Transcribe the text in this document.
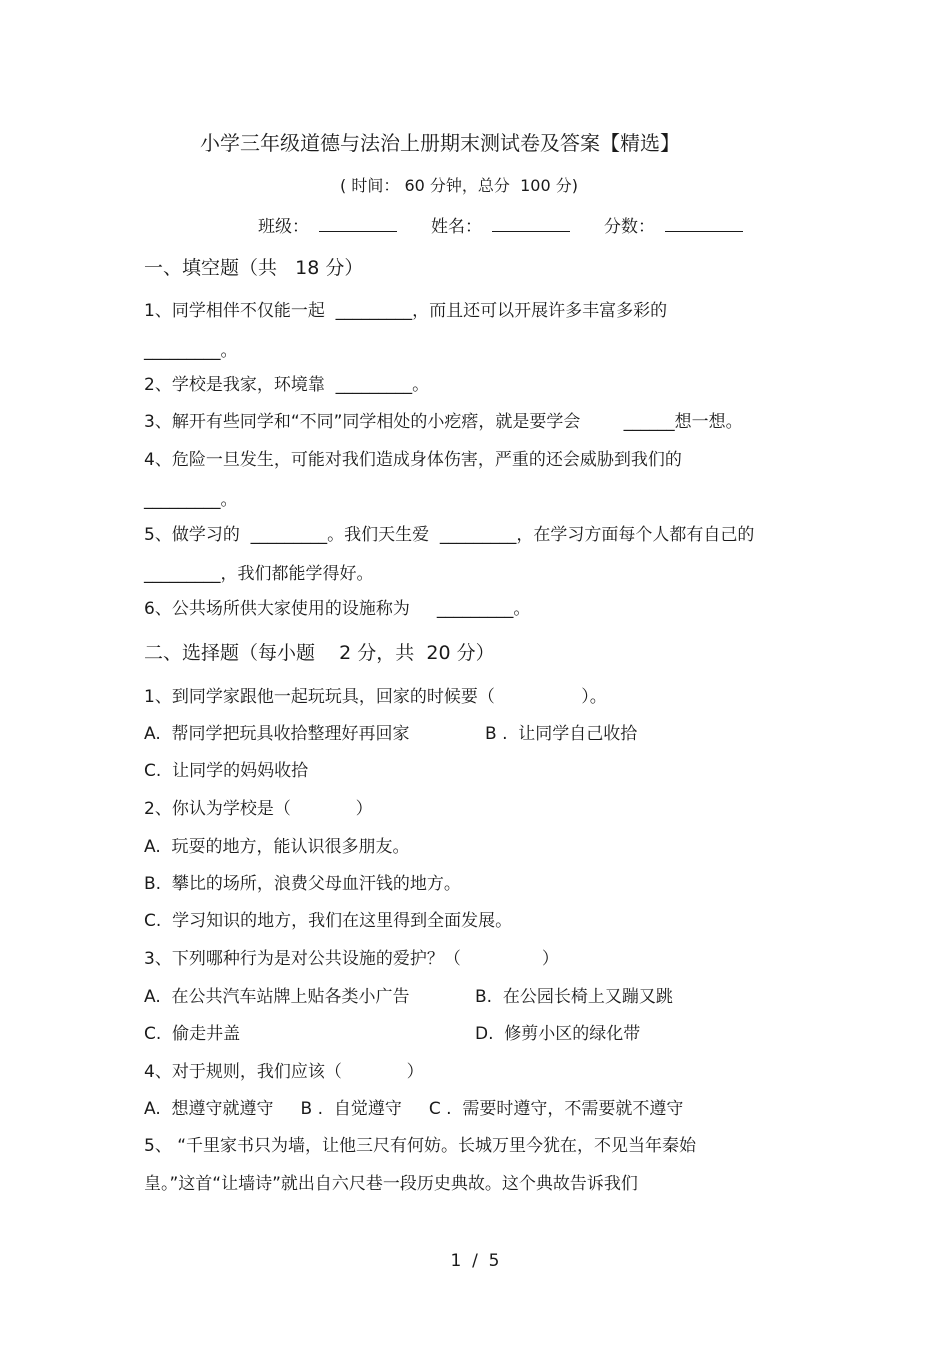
小学三年级道德与法治上册期末测试卷及答案【精选】
( 时间： 60 分钟，总分  100 分)
班级：	姓名：	分数：
一、填空题（共   18 分）
1、同学相伴不仅能一起  _________，而且还可以开展许多丰富多彩的
_________。
2、学校是我家，环境靠  _________。
3、解开有些同学和“不同”同学相处的小疙瘩，就是要学会        ______想一想。
4、危险一旦发生，可能对我们造成身体伤害，严重的还会威胁到我们的
_________。
5、做学习的  _________。我们天生爱  _________，在学习方面每个人都有自己的
_________，我们都能学得好。
6、公共场所供大家使用的设施称为     _________。
二、选择题（每小题    2 分，共  20 分）
1、到同学家跟他一起玩玩具，回家的时候要（                ）。
A.  帮同学把玩具收拾整理好再回家	B .  让同学自己收拾
C.  让同学的妈妈收拾
2、你认为学校是（            ）
A.  玩耍的地方，能认识很多朋友。
B.  攀比的场所，浪费父母血汗钱的地方。
C.  学习知识的地方，我们在这里得到全面发展。
3、下列哪种行为是对公共设施的爱护？（               ）
A.  在公共汽车站牌上贴各类小广告	B.  在公园长椅上又蹦又跳
C.  偷走井盖	D.  修剪小区的绿化带
4、对于规则，我们应该（            ）
A.  想遵守就遵守     B .  自觉遵守     C .  需要时遵守，不需要就不遵守
5、 “千里家书只为墙，让他三尺有何妨。长城万里今犹在，不见当年秦始
皇。”这首“让墙诗”就出自六尺巷一段历史典故。这个典故告诉我们
1  /  5
